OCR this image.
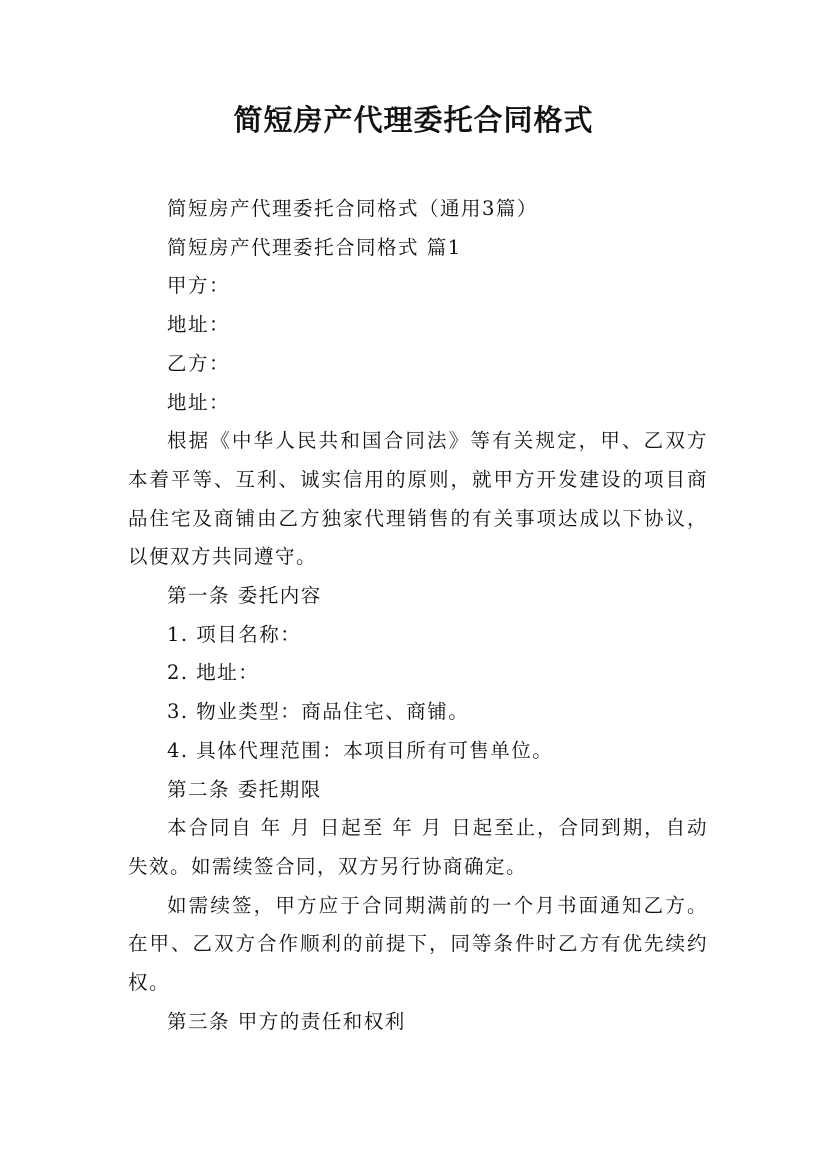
简短房产代理委托合同格式

简短房产代理委托合同格式（通用3篇）

简短房产代理委托合同格式 篇1

甲方：

地址：

乙方：

地址：

根据《中华人民共和国合同法》等有关规定，甲、乙双方本着平等、互利、诚实信用的原则，就甲方开发建设的项目商品住宅及商铺由乙方独家代理销售的有关事项达成以下协议，以便双方共同遵守。

第一条 委托内容

1. 项目名称：

2. 地址：

3. 物业类型：商品住宅、商铺。

4. 具体代理范围：本项目所有可售单位。

第二条 委托期限

本合同自 年 月 日起至 年 月 日起至止，合同到期，自动失效。如需续签合同，双方另行协商确定。

如需续签，甲方应于合同期满前的一个月书面通知乙方。在甲、乙双方合作顺利的前提下，同等条件时乙方有优先续约权。

第三条 甲方的责任和权利
